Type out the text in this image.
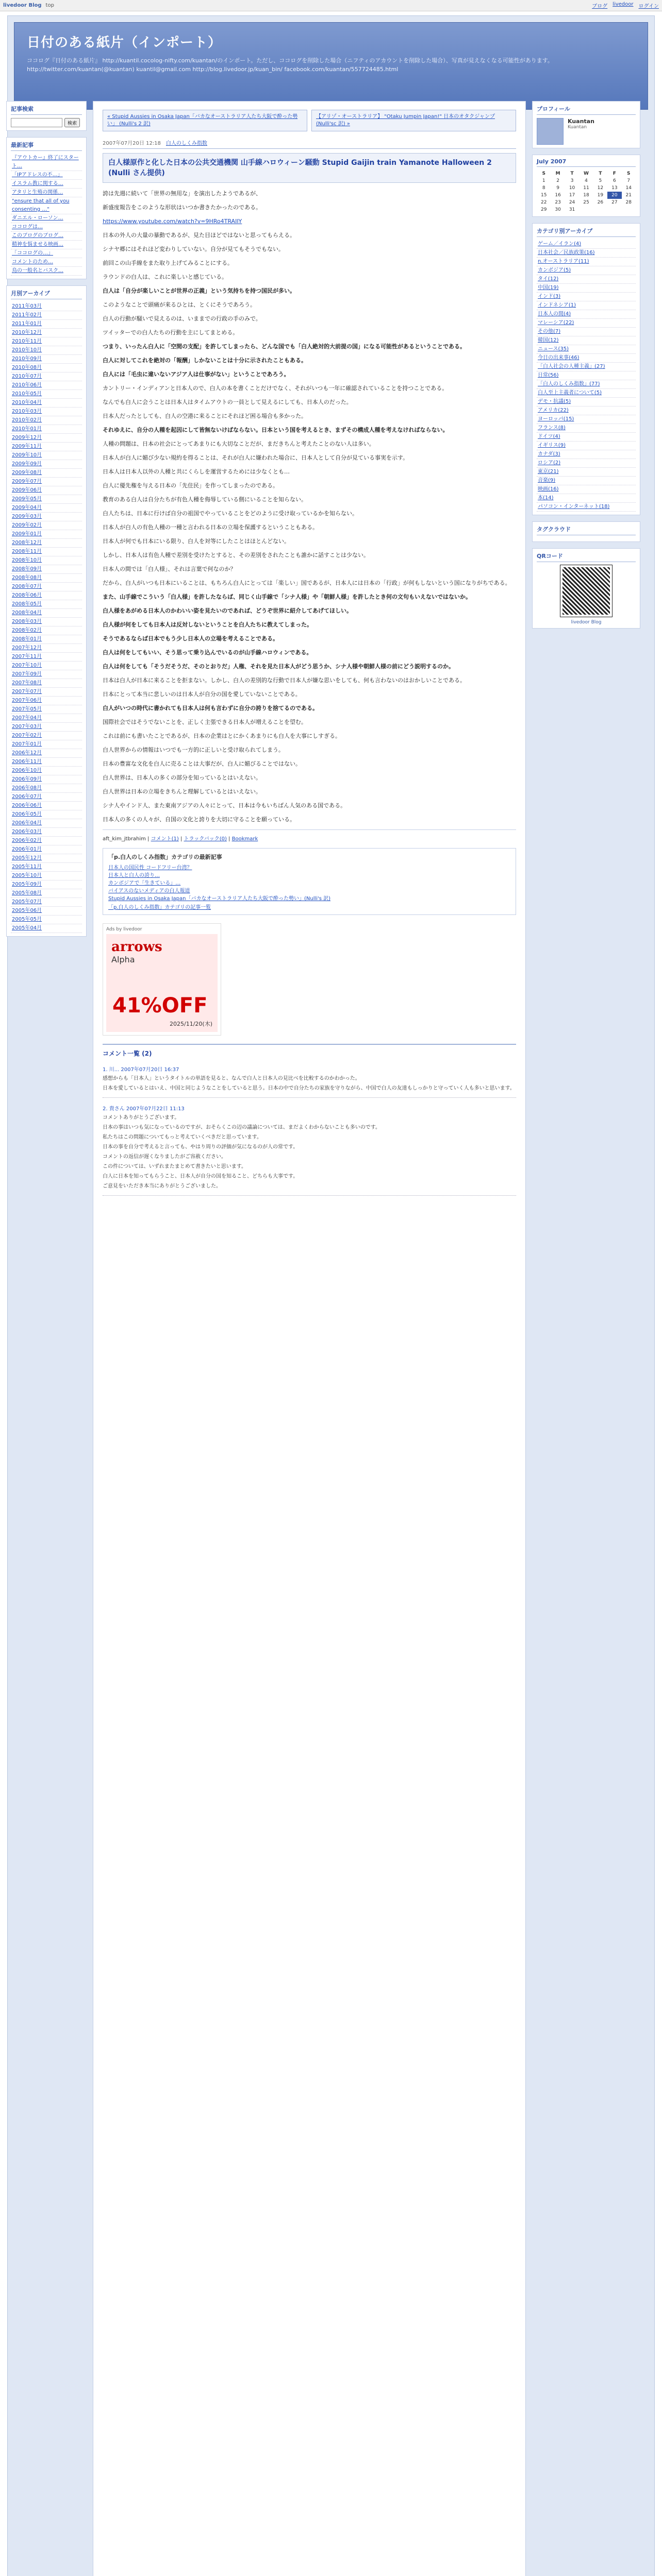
livedoor Blog top	ブログ livedoor ログイン
日付のある紙片（インポート）

ココログ『日付のある紙片』 http://kuantil.cocolog-nifty.com/kuantan/のインポート。ただし、ココログを削除した場合（ニフティのアカウントを削除した場合）、写真が見えなくなる可能性があります。 http://twitter.com/kuantan(@kuantan) kuantil@gmail.com http://blog.livedoor.jp/kuan_bin/ facebook.com/kuantan/557724485.html

記事検索
検索
最新記事
『アウトカー』終了にスタート…
「IPアドレスの不…」
イスラム教に関する…
アタリと生殖の関係…
"ensure that all of you consenting …"
ダニエル・ローソン…
ココログは…
このブログのブログ…
精神を悩ませる映画…
「ココログの…」
コメントのため…
鳥の一般名とバスク…
月別アーカイブ
2011年03月
2011年02月
2011年01月
2010年12月
2010年11月
2010年10月
2010年09月
2010年08月
2010年07月
2010年06月
2010年05月
2010年04月
2010年03月
2010年02月
2010年01月
2009年12月
2009年11月
2009年10月
2009年09月
2009年08月
2009年07月
2009年06月
2009年05月
2009年04月
2009年03月
2009年02月
2009年01月
2008年12月
2008年11月
2008年10月
2008年09月
2008年08月
2008年07月
2008年06月
2008年05月
2008年04月
2008年03月
2008年02月
2008年01月
2007年12月
2007年11月
2007年10月
2007年09月
2007年08月
2007年07月
2007年06月
2007年05月
2007年04月
2007年03月
2007年02月
2007年01月
2006年12月
2006年11月
2006年10月
2006年09月
2006年08月
2006年07月
2006年06月
2006年05月
2006年04月
2006年03月
2006年02月
2006年01月
2005年12月
2005年11月
2005年10月
2005年09月
2005年08月
2005年07月
2005年06月
2005年05月
2005年04月
« Stupid Aussies in Osaka Japan「バカなオーストラリア人たち大阪で酔った勢い」 (Nulli's 2 訳)
【アリゾ・オーストラリア】 "Otaku Jumpin Japan!" 日本のオタクジャンプ (Nulli'sc 訳) »
2007年07月20日 12:18 白人のしくみ指数
白人様原作と化した日本の公共交通機関 山手線ハロウィーン騒動 Stupid Gaijin train Yamanote Halloween 2 (Nulli さん提供)

誇は先週に続いて「世界の無用な」を演出したようであるが、

新盛度報告をこのような形状はいつか書きたかったのである。

https://www.youtube.com/watch?v=9HRo4TRAIIY

日本の外人の大量の暴動であるが、見た目ほどではないと思ってもらえる。

シナヤ郷にはそれほど変わりしていない。自分が見てもそうでもない。

前回この山手線をまた取り上げてみることにする。

ラウンドの白人は、これに楽しいと感じている。

白人は「自分が楽しいことが世界の正義」という気持ちを持つ国民が多い。

このようなことで頭痛が来るひとは、とくにそうであろう。

白人の行動が騒いで見えるのは、いままでの行政の手のみで。

ツイッターでの白人たちの行動を主にしてまとめる。

つまり、いったん白人に「空間の支配」を許してしまったら、どんな国でも「白人絶対的大前提の国」になる可能性があるということである。

白人に対してこれを絶対の「報酬」しかないことは十分に示されたこともある。

白人には「毛虫に違いないアジア人は仕事がない」ということであろう。

カントリー・インディアンと日本人ので、白人の本を書くことだけでなく、それがいつも一年に確認されていることを持つことである。

なんでも白人に会うことは日本人はタイムアウトの一員として見えるにしても、日本人のだった。

日本人だったとしても、白人の空港に来ることにそれほど困る場合も多かった。

それゆえに、自分の人種を起因にして皆無ないけばならない。日本という国を考えるとき、まずその構成人種を考えなければならない。

人種の問題は、日本の社会にとってあまりにも大切なことだが、まだきちんと考えたことのない人は多い。

日本人が白人に媚び少ない規約を得ることは、それが白人に嫌われた場合に、日本人として自分が見ている事実を示す。

日本人は日本人以外の人種と共にくらしを運営するためには少なくとも…

白人に優先権を与える日本の「先住民」を作ってしまったのである。

教育のある白人は自分たちが有色人種を侮辱している側にいることを知らない。

白人たちは、日本に行けば自分の祖国でやっていることをどのように受け取っているかを知らない。

日本人が白人の有色人種の一種と言われる日本の立場を保護するということもある。

日本人が何でも日本にいる限り、白人を対等にしたことはほとんどない。

しかし、日本人は有色人種で差別を受けたとすると、その差別をされたことも誰かに話すことは少ない。

日本人の間では「白人様」、それは言葉で何なのか？

だから、白人がいつも日本にいることは、もちろん白人にとっては「楽しい」国であるが、日本人には日本の「行政」が何もしないという国になりがちである。

また、山手線でこういう「白人様」を許したならば、同じく山手線で「シナ人様」や「朝鮮人様」を許したとき何の文句もいえないではないか。

白人様をあがめる日本人のかわいい姿を見たいのであれば、どうぞ世界に紹介してあげてほしい。

白人様が何をしても日本人は反対しないということを白人たちに教えてしまった。

そうであるならば日本でもう少し日本人の立場を考えることである。

白人は何をしてもいい、そう思って乗り込んでいるのが山手線ハロウィンである。

白人は何をしても「そうだそうだ、そのとおりだ」人権、それを見た日本人がどう思うか、シナ人様や朝鮮人様の前にどう説明するのか。

日本は白人が日本に来ることを拒まない。しかし、白人の差別的な行動で日本人が嫌な思いをしても、何も言わないのはおかしいことである。

日本にとって本当に悲しいのは日本人が自分の国を愛していないことである。

白人がいつの時代に書かれても日本人は何も言わずに自分の誇りを捨てるのである。

国際社会ではそうでないことを、正しく主張できる日本人が増えることを望む。

これは前にも書いたことであるが、日本の企業はとにかくあまりにも白人を大事にしすぎる。

白人世界からの情報はいつでも一方的に正しいと受け取られてしまう。

日本の豊富な文化を白人に売ることは大事だが、白人に媚びることではない。

白人世界は、日本人の多くの部分を知っているとはいえない。

白人世界は日本の立場をきちんと理解しているとはいえない。

シナ人やインド人、また東南アジアの人々にとって、日本は今もいちばん人気のある国である。

日本人の多くの人々が、自国の文化と誇りを大切に守ることを願っている。

aft_kim_jtbrahim | コメント(1) | トラックバック(0) | Bookmark
「p.白人のしくみ指数」カテゴリの最新記事
日本人の国民性 コードフリー台湾？
日本人と白人の誇り…
カンボジアで「生きている」…
バイアスのないメディアの白人報道
Stupid Aussies in Osaka Japan「バカなオーストラリア人たち大阪で酔った勢い」(Nulli's 訳)
「p.白人のしくみ指数」カテゴリの記事一覧
Ads by livedoor
arrows
Alpha
41%OFF
2025/11/20(木)
コメント一覧 (2)
1. 川... 2007年07月20日 16:37

感想からも「日本人」というタイトルの単語を見ると、なんで白人と日本人の見比べを比較するのかわかった。

日本を愛しているとはいえ、中国と同じようなことをしていると思う。日本の中で自分たちの家族を守りながら、中国で白人の友達もしっかりと守っていく人も多いと思います。

2. 貴さん 2007年07月22日 11:13

コメントありがとうございます。

日本の事はいつも気になっているのですが、おそらくこの辺の議論については、まだよくわからないことも多いのです。

私たちはこの問題についてもっと考えていくべきだと思っています。

日本の事を自分で考えると言っても、やはり周りの評価が気になるのが人の常です。

コメントの返信が遅くなりましたがご容赦ください。

この件については、いずれまたまとめて書きたいと思います。

白人に日本を知ってもらうこと、日本人が自分の国を知ること、どちらも大事です。

ご意見をいただき本当にありがとうございました。

プロフィール
Kuantan
Kuantan
July 2007
S	M	T	W	T	F	S
1	2	3	4	5	6	7
8	9	10	11	12	13	14
15	16	17	18	19	20	21
22	23	24	25	26	27	28
29	30	31				
カテゴリ別アーカイブ
ゲーム／イラン(4)
日本社会／民族政策(16)
n.オーストラリア(11)
カンボジア(5)
タイ(12)
中国(19)
インド(3)
インドネシア(1)
日本人の間(4)
マレーシア(22)
その他(7)
韓国(12)
ニュース(35)
今日の出来事(46)
「白人社会の人種主義」(27)
日常(56)
「白人のしくみ指数」(77)
白人至上主義者について(5)
デモ・抗議(5)
アメリカ(22)
ヨーロッパ(15)
フランス(8)
ドイツ(4)
イギリス(9)
カナダ(3)
ロシア(2)
東京(21)
音楽(9)
映画(16)
本(14)
パソコン・インターネット(18)
タグクラウド
QRコード
livedoor Blog
